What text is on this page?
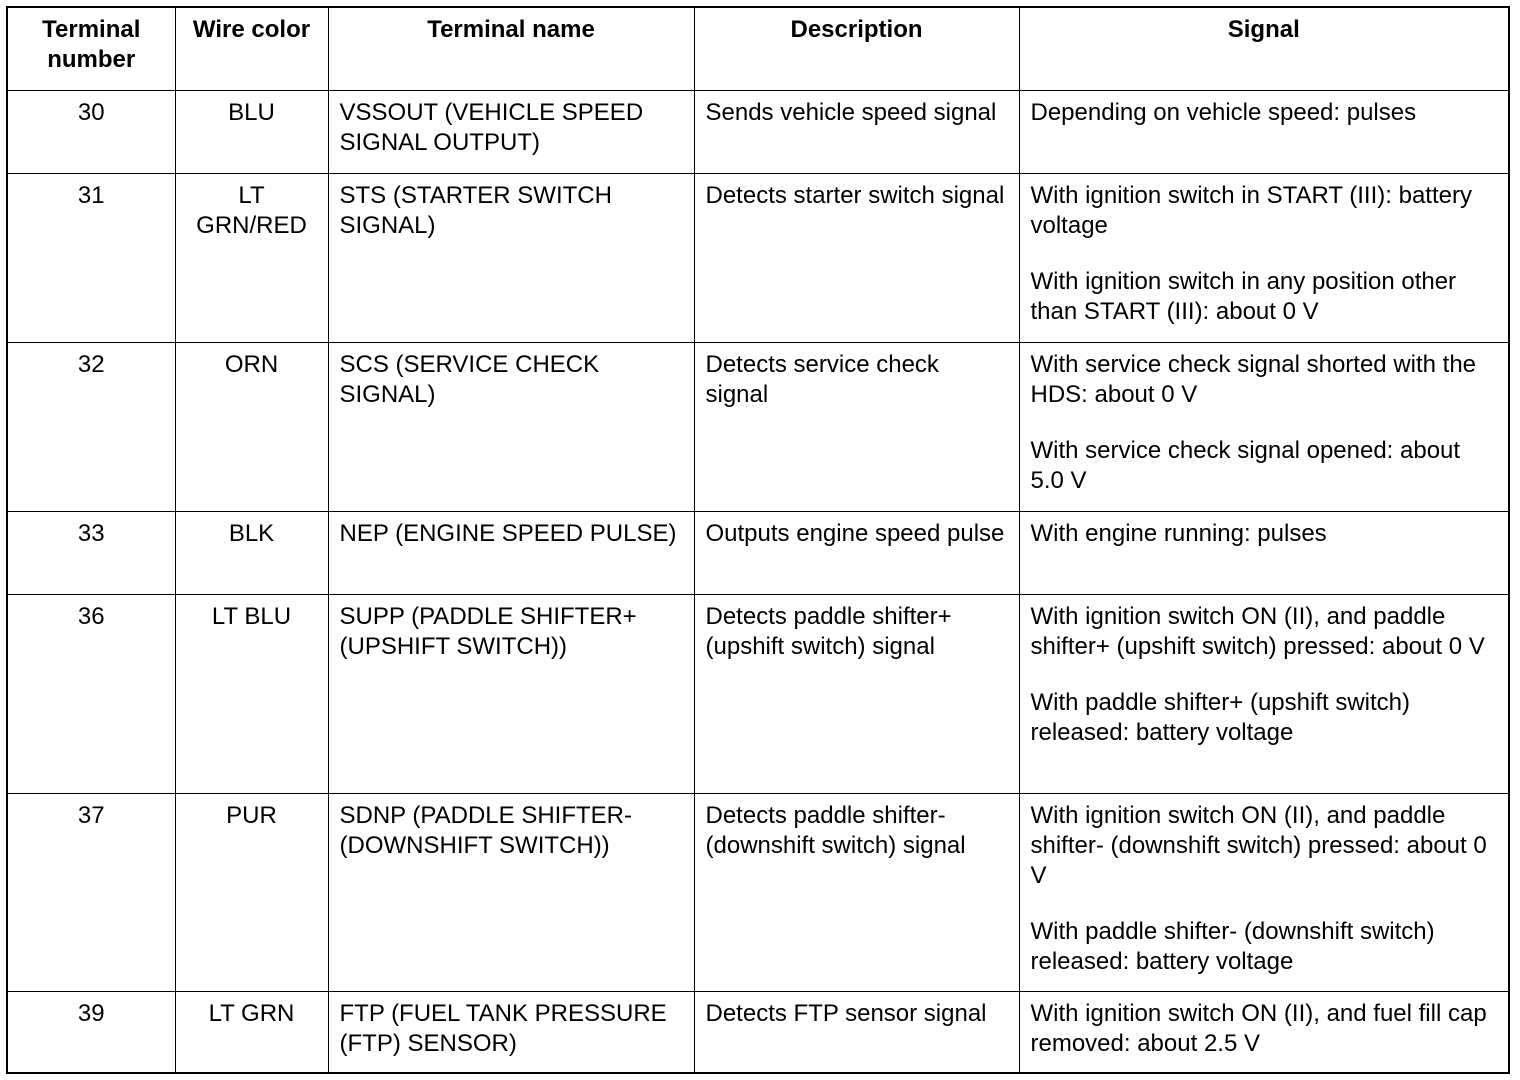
Terminal number	Wire color	Terminal name	Description	Signal
30	BLU	VSSOUT (VEHICLE SPEED SIGNAL OUTPUT)	Sends vehicle speed signal	Depending on vehicle speed: pulses

31	LT GRN/RED	STS (STARTER SWITCH SIGNAL)	Detects starter switch signal	With ignition switch in START (III): battery voltage
With ignition switch in any position other than START (III): about 0 V

32	ORN	SCS (SERVICE CHECK SIGNAL)	Detects service check signal	With service check signal shorted with the HDS: about 0 V
With service check signal opened: about 5.0 V

33	BLK	NEP (ENGINE SPEED PULSE)	Outputs engine speed pulse	With engine running: pulses

36	LT BLU	SUPP (PADDLE SHIFTER+ (UPSHIFT SWITCH))	Detects paddle shifter+ (upshift switch) signal	With ignition switch ON (II), and paddle shifter+ (upshift switch) pressed: about 0 V
With paddle shifter+ (upshift switch) released: battery voltage

37	PUR	SDNP (PADDLE SHIFTER- (DOWNSHIFT SWITCH))	Detects paddle shifter- (downshift switch) signal	With ignition switch ON (II), and paddle shifter- (downshift switch) pressed: about 0 V
With paddle shifter- (downshift switch) released: battery voltage

39	LT GRN	FTP (FUEL TANK PRESSURE (FTP) SENSOR)	Detects FTP sensor signal	With ignition switch ON (II), and fuel fill cap removed: about 2.5 V
